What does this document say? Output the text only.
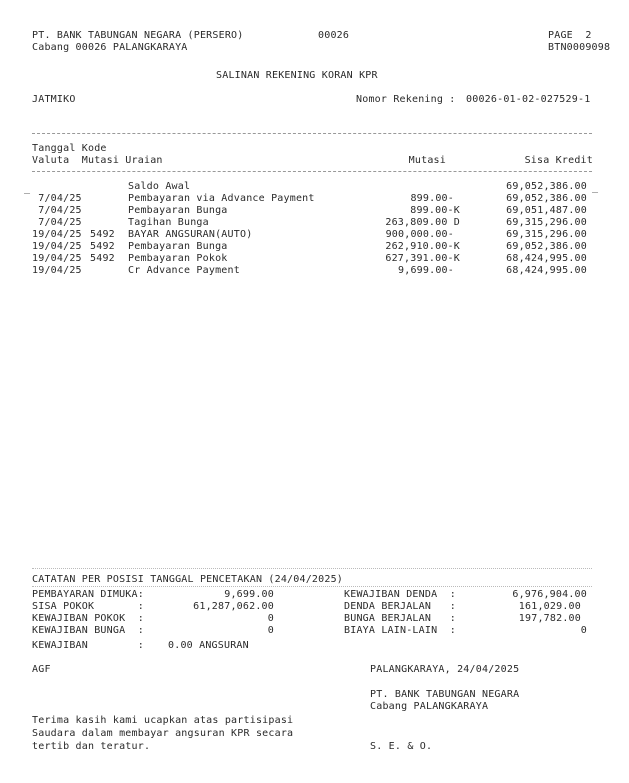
PT. BANK TABUNGAN NEGARA (PERSERO)	00026	PAGE  2
Cabang 00026 PALANGKARAYA	BTN0009098
SALINAN REKENING KORAN KPR
JATMIKO	Nomor Rekening : 00026-01-02-027529-1
Tanggal Kode
Valuta  Mutasi Uraian	Mutasi	Sisa Kredit
_	_
Saldo Awal	69,052,386.00
7/04/25	Pembayaran via Advance Payment	899.00-	69,052,386.00
7/04/25	Pembayaran Bunga	899.00-K	69,051,487.00
7/04/25	Tagihan Bunga	263,809.00 D	69,315,296.00
19/04/25 5492 BAYAR ANGSURAN(AUTO)	900,000.00-	69,315,296.00
19/04/25 5492 Pembayaran Bunga	262,910.00-K	69,052,386.00
19/04/25 5492 Pembayaran Pokok	627,391.00-K	68,424,995.00
19/04/25	Cr Advance Payment	9,699.00-	68,424,995.00
CATATAN PER POSISI TANGGAL PENCETAKAN (24/04/2025)
PEMBAYARAN DIMUKA:	9,699.00
SISA POKOK       :	61,287,062.00
KEWAJIBAN POKOK  :	0
KEWAJIBAN BUNGA  :	0
KEWAJIBAN        : 0.00 ANGSURAN
KEWAJIBAN DENDA  :	6,976,904.00
DENDA BERJALAN   :	161,029.00
BUNGA BERJALAN   :	197,782.00
BIAYA LAIN-LAIN  :	0
AGF	PALANGKARAYA, 24/04/2025
PT. BANK TABUNGAN NEGARA
Cabang PALANGKARAYA
Terima kasih kami ucapkan atas partisipasi
Saudara dalam membayar angsuran KPR secara
tertib dan teratur.	S. E. & O.
